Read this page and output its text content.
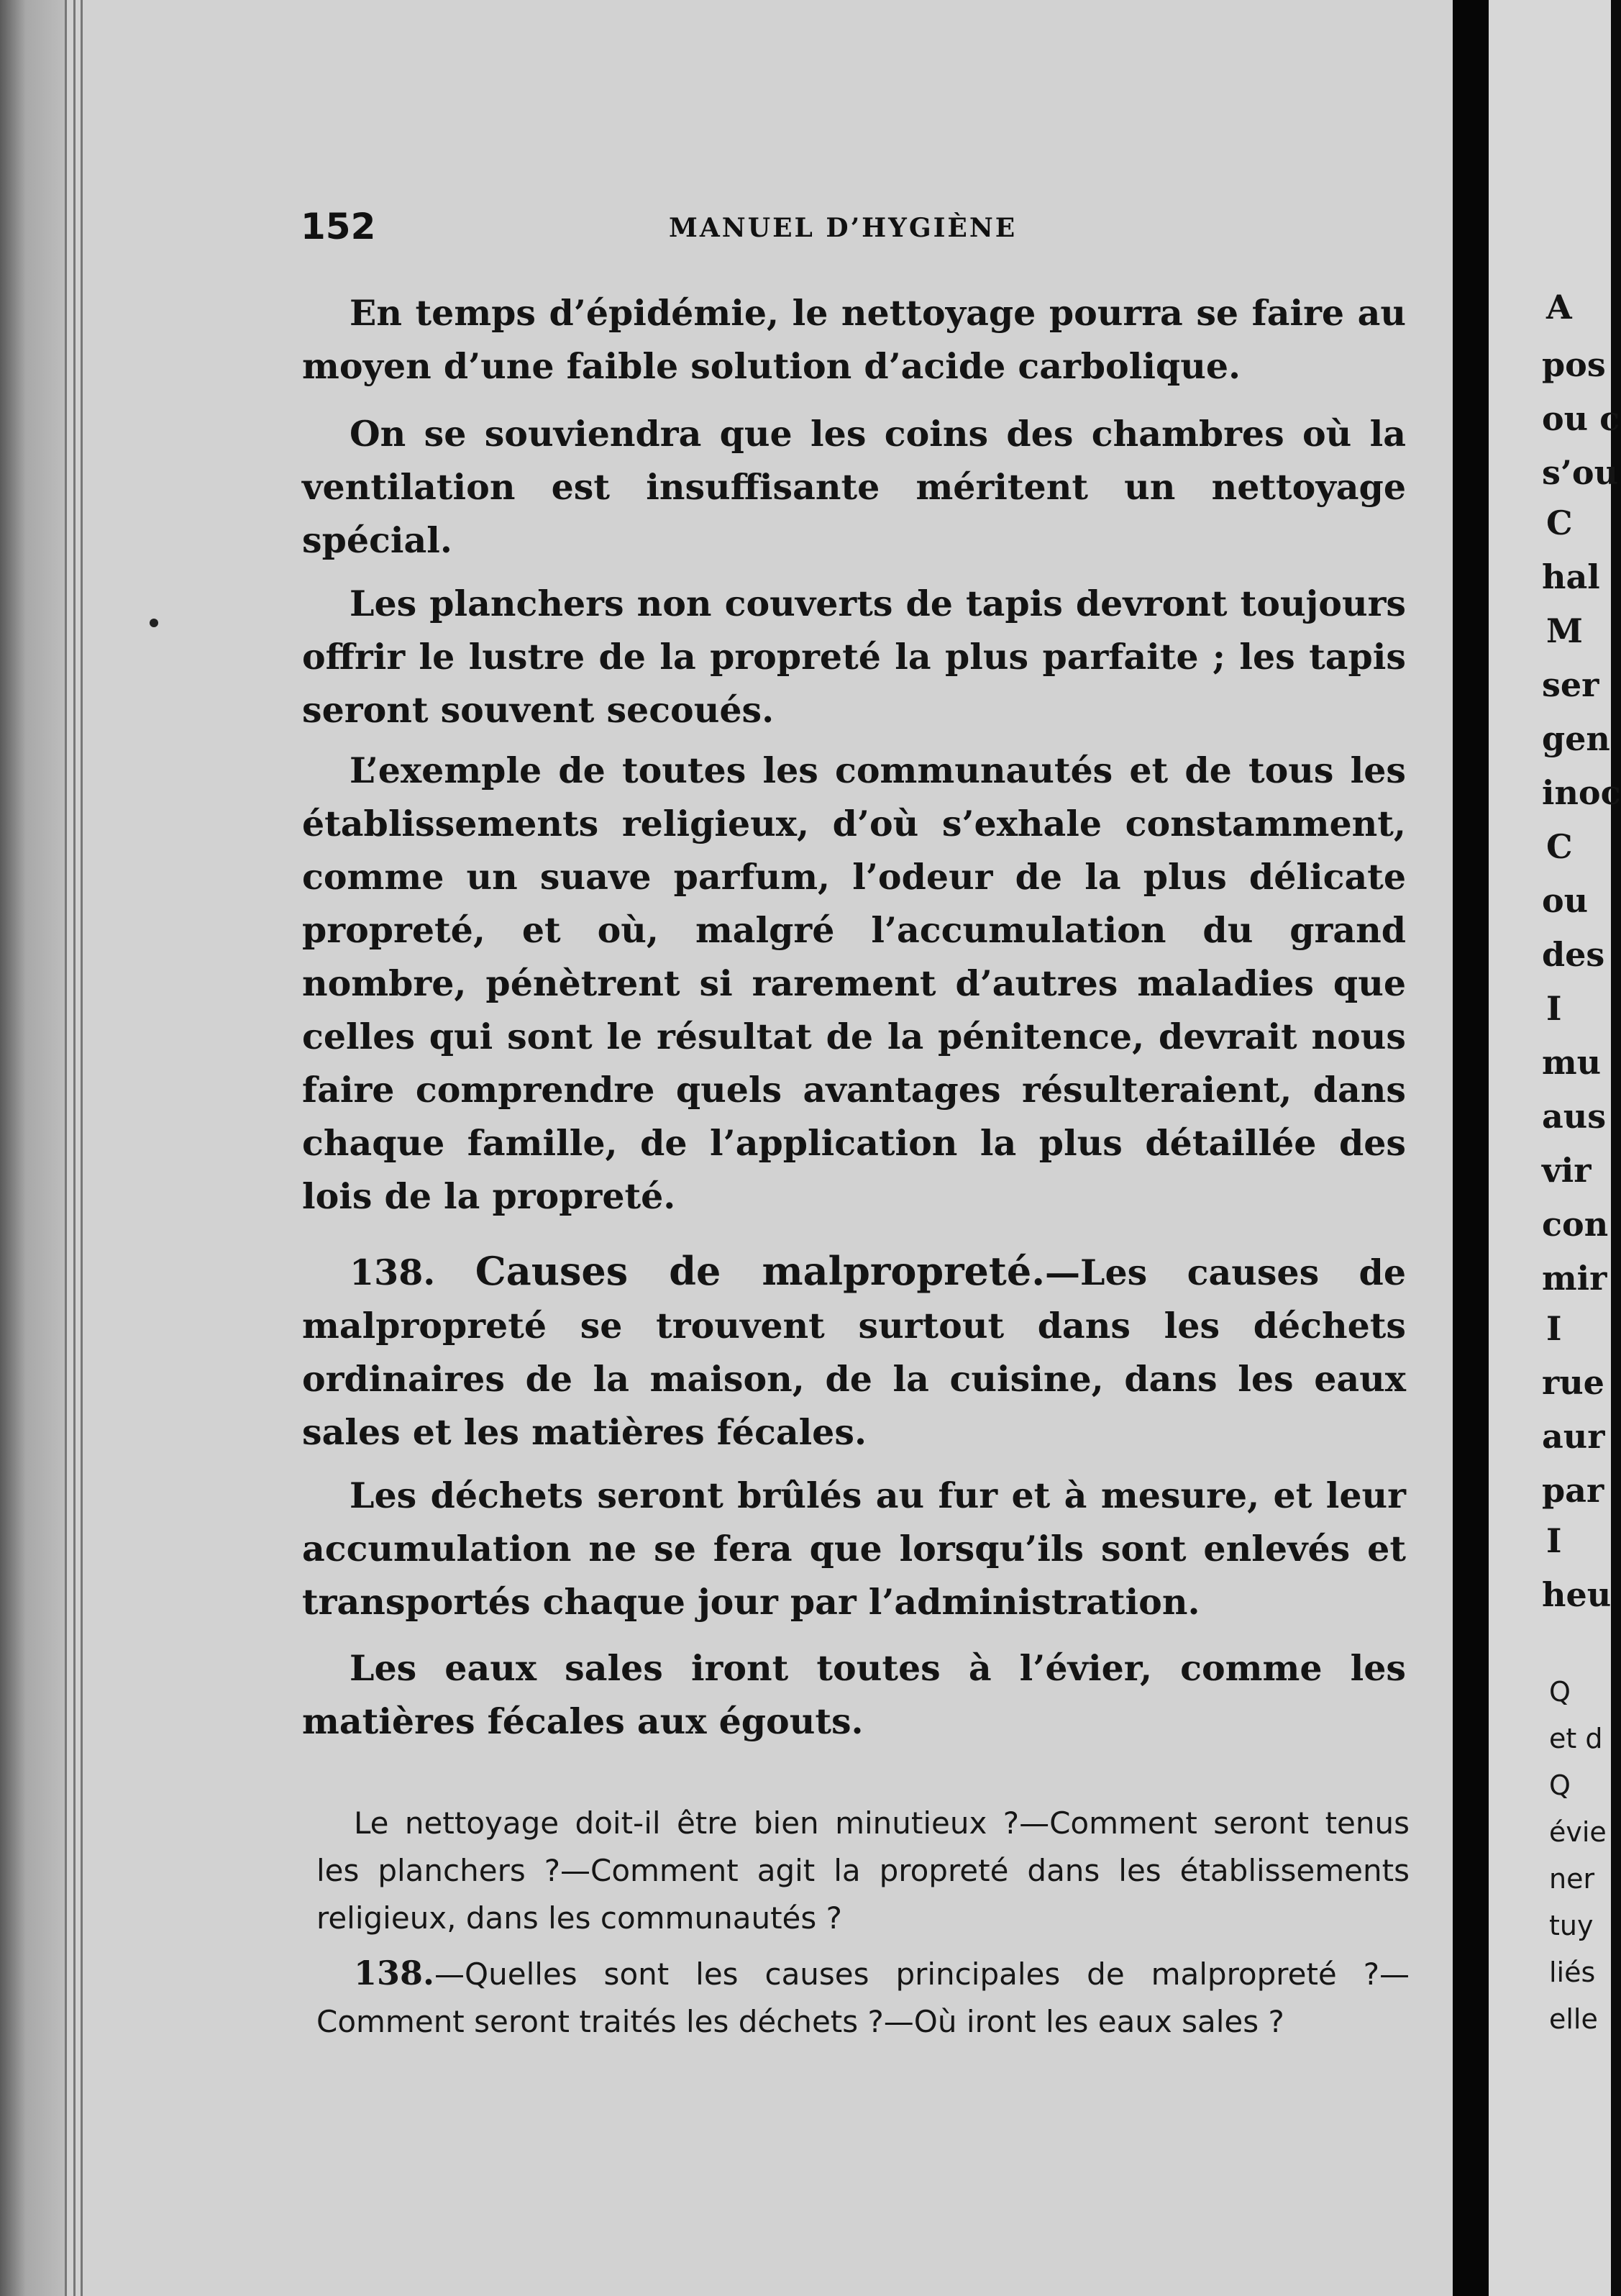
152	MANUEL D’HYGIÈNE

En temps d’épidémie, le nettoyage pourra se faire au moyen d’une faible solution d’acide carbolique.

On se souviendra que les coins des chambres où la ventilation est insuffisante méritent un nettoyage spécial.

Les planchers non couverts de tapis devront toujours offrir le lustre de la propreté la plus parfaite ; les tapis seront souvent secoués.

L’exemple de toutes les communautés et de tous les établissements religieux, d’où s’exhale constamment, comme un suave parfum, l’odeur de la plus délicate propreté, et où, malgré l’accumulation du grand nombre, pénètrent si rarement d’autres maladies que celles qui sont le résultat de la pénitence, devrait nous faire comprendre quels avantages résulteraient, dans chaque famille, de l’application la plus détaillée des lois de la propreté.

138. Causes de malpropreté.—Les causes de malpropreté se trouvent surtout dans les déchets ordinaires de la maison, de la cuisine, dans les eaux sales et les matières fécales.

Les déchets seront brûlés au fur et à mesure, et leur accumulation ne se fera que lorsqu’ils sont enlevés et transportés chaque jour par l’administration.

Les eaux sales iront toutes à l’évier, comme les matières fécales aux égouts.

Le nettoyage doit-il être bien minutieux ?—Comment seront tenus les planchers ?—Comment agit la propreté dans les établissements religieux, dans les communautés ?

138.—Quelles sont les causes principales de malpropreté ?—Comment seront traités les déchets ?—Où iront les eaux sales ?

A
pos
ou c
s’ou
C
hal
M
ser
gen
inoc
C
ou
des
I
mu
aus
vir
con
mir
I
rue
aur
par
I
heu
Q
et d
Q
évie
ner
tuy
liés
elle
